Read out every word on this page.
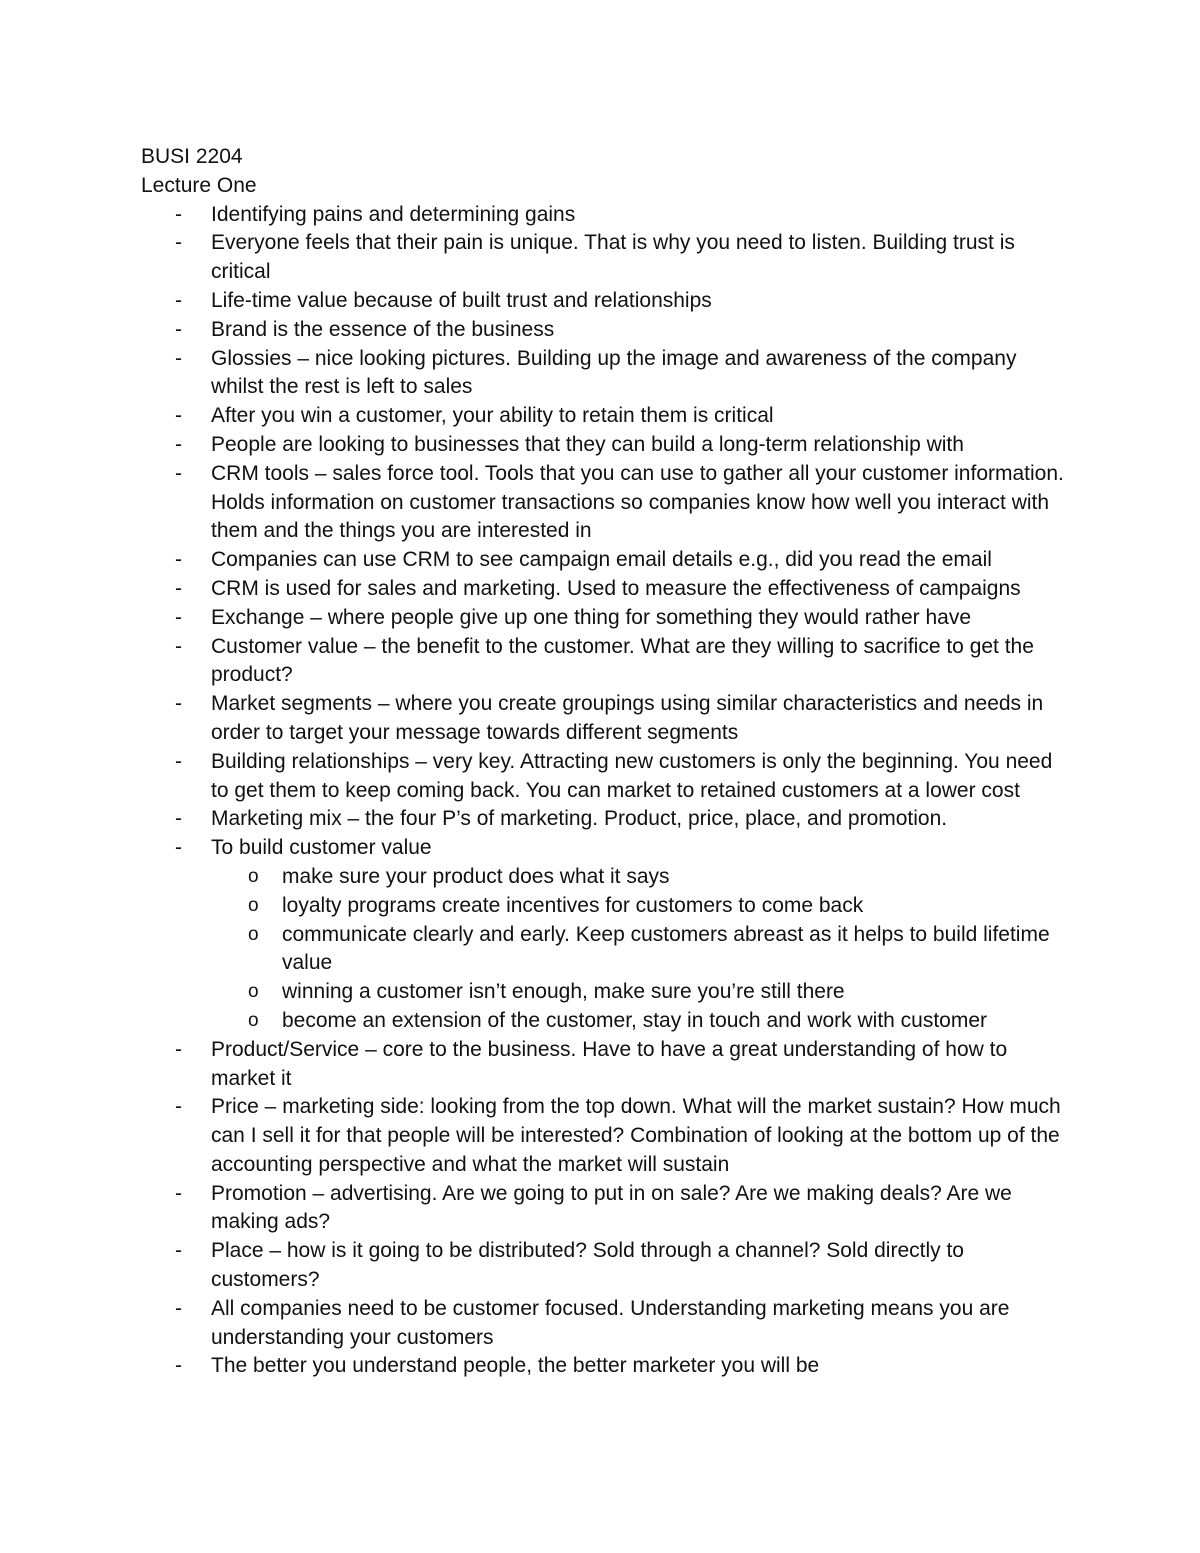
BUSI 2204
Lecture One
-	Identifying pains and determining gains
-	Everyone feels that their pain is unique. That is why you need to listen. Building trust is critical
-	Life-time value because of built trust and relationships
-	Brand is the essence of the business
-	Glossies – nice looking pictures. Building up the image and awareness of the company whilst the rest is left to sales
-	After you win a customer, your ability to retain them is critical
-	People are looking to businesses that they can build a long-term relationship with
-	CRM tools – sales force tool. Tools that you can use to gather all your customer information. Holds information on customer transactions so companies know how well you interact with them and the things you are interested in
-	Companies can use CRM to see campaign email details e.g., did you read the email
-	CRM is used for sales and marketing. Used to measure the effectiveness of campaigns
-	Exchange – where people give up one thing for something they would rather have
-	Customer value – the benefit to the customer. What are they willing to sacrifice to get the product?
-	Market segments – where you create groupings using similar characteristics and needs in order to target your message towards different segments
-	Building relationships – very key. Attracting new customers is only the beginning. You need to get them to keep coming back. You can market to retained customers at a lower cost
-	Marketing mix – the four P’s of marketing. Product, price, place, and promotion.
-	To build customer value
o	make sure your product does what it says
o	loyalty programs create incentives for customers to come back
o	communicate clearly and early. Keep customers abreast as it helps to build lifetime value
o	winning a customer isn’t enough, make sure you’re still there
o	become an extension of the customer, stay in touch and work with customer
-	Product/Service – core to the business. Have to have a great understanding of how to market it
-	Price – marketing side: looking from the top down. What will the market sustain? How much can I sell it for that people will be interested? Combination of looking at the bottom up of the accounting perspective and what the market will sustain
-	Promotion – advertising. Are we going to put in on sale? Are we making deals? Are we making ads?
-	Place – how is it going to be distributed? Sold through a channel? Sold directly to customers?
-	All companies need to be customer focused. Understanding marketing means you are understanding your customers
-	The better you understand people, the better marketer you will be
